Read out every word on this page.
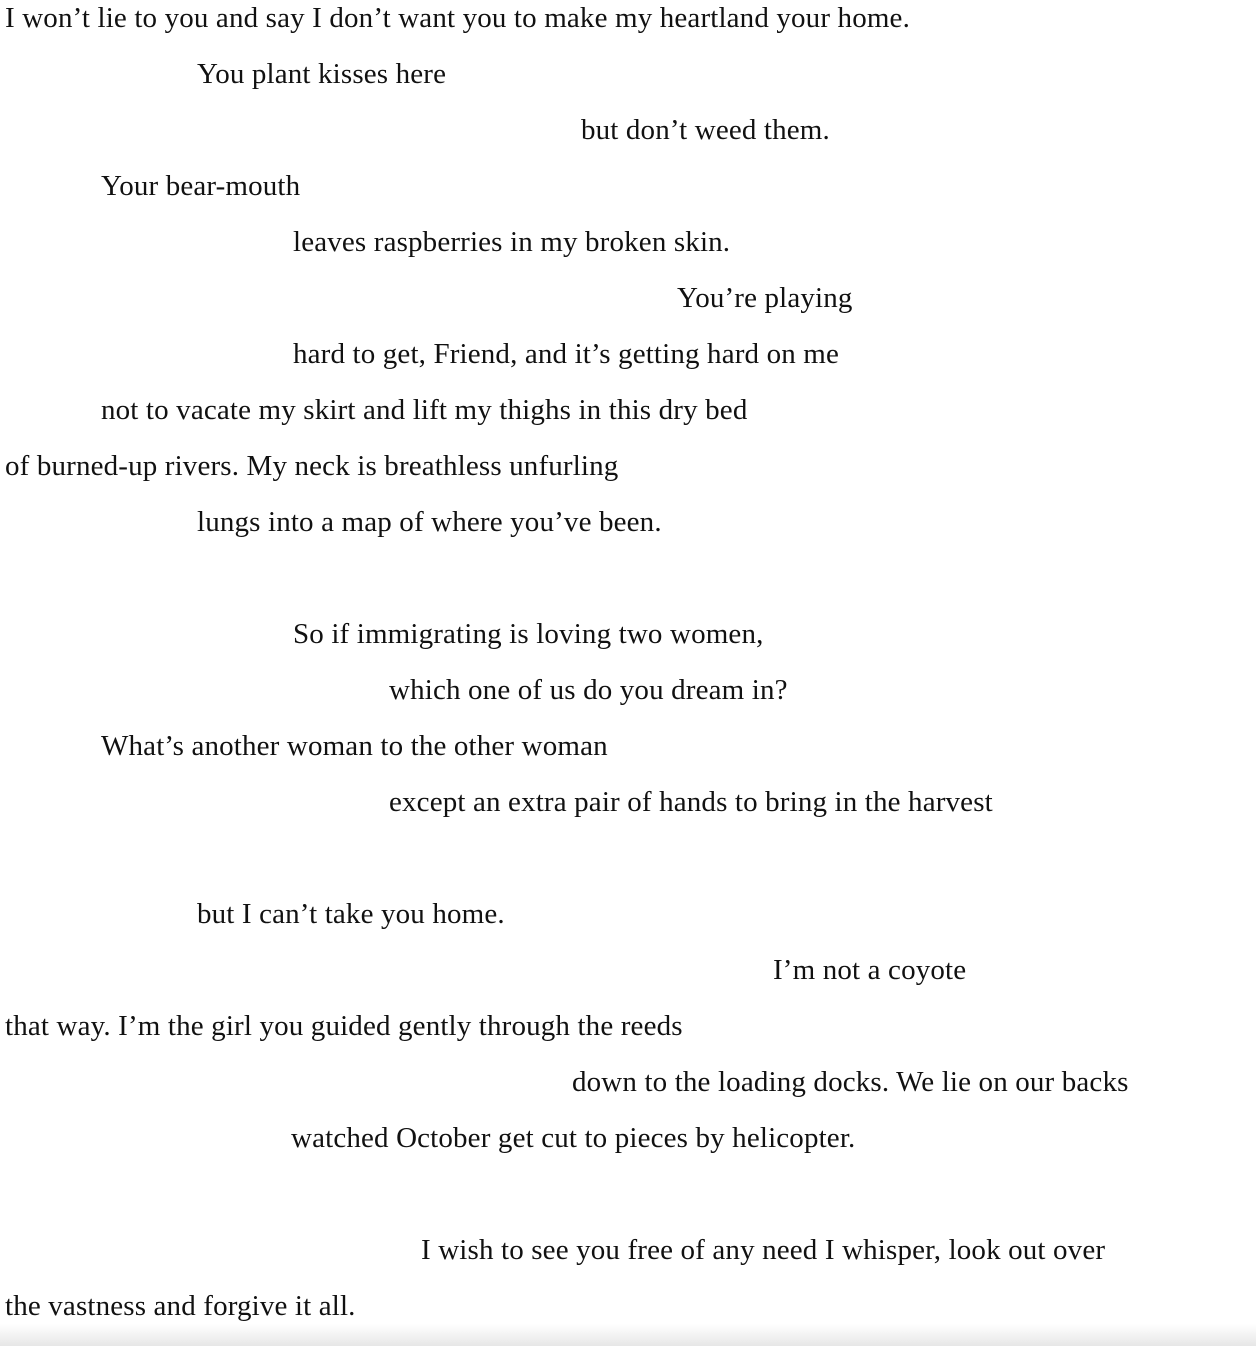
I won’t lie to you and say I don’t want you to make my heartland your home.
You plant kisses here
but don’t weed them.
Your bear-mouth
leaves raspberries in my broken skin.
You’re playing
hard to get, Friend, and it’s getting hard on me
not to vacate my skirt and lift my thighs in this dry bed
of burned-up rivers. My neck is breathless unfurling
lungs into a map of where you’ve been.
So if immigrating is loving two women,
which one of us do you dream in?
What’s another woman to the other woman
except an extra pair of hands to bring in the harvest
but I can’t take you home.
I’m not a coyote
that way. I’m the girl you guided gently through the reeds
down to the loading docks. We lie on our backs
watched October get cut to pieces by helicopter.
I wish to see you free of any need I whisper, look out over
the vastness and forgive it all.
